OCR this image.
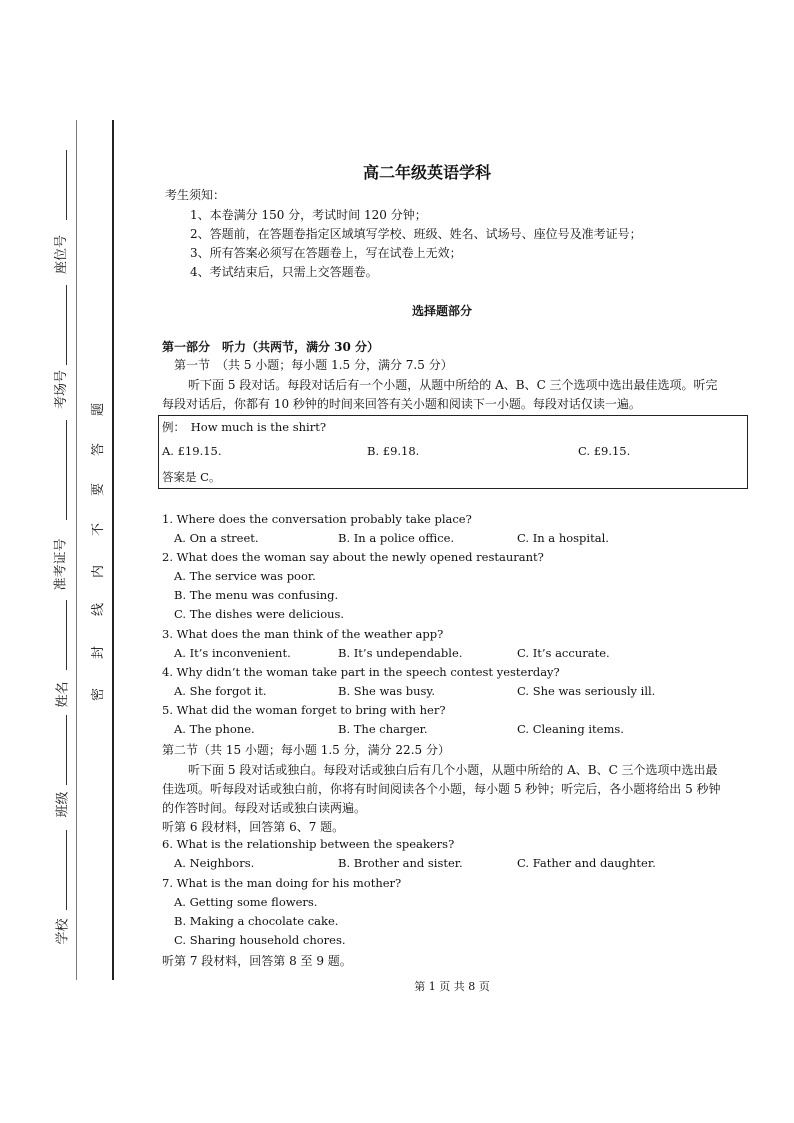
座位号
考场号
准考证号
姓名
班级
学校
题
答
要
不
内
线
封
密
高二年级英语学科
考生须知：
1、本卷满分 150 分，考试时间 120 分钟；
2、答题前，在答题卷指定区域填写学校、班级、姓名、试场号、座位号及准考证号；
3、所有答案必须写在答题卷上，写在试卷上无效；
4、考试结束后，只需上交答题卷。
选择题部分
第一部分　听力（共两节，满分 30 分）
第一节　（共 5 小题；每小题 1.5 分，满分 7.5 分）
听下面 5 段对话。每段对话后有一个小题，从题中所给的 A、B、C 三个选项中选出最佳选项。听完
每段对话后，你都有 10 秒钟的时间来回答有关小题和阅读下一小题。每段对话仅读一遍。
例：　How much is the shirt?
A. £19.15.	B. £9.18.	C. £9.15.
答案是 C。
1. Where does the conversation probably take place?
A. On a street.	B. In a police office.	C. In a hospital.
2. What does the woman say about the newly opened restaurant?
A. The service was poor.
B. The menu was confusing.
C. The dishes were delicious.
3. What does the man think of the weather app?
A. It’s inconvenient.	B. It’s undependable.	C. It’s accurate.
4. Why didn’t the woman take part in the speech contest yesterday?
A. She forgot it.	B. She was busy.	C. She was seriously ill.
5. What did the woman forget to bring with her?
A. The phone.	B. The charger.	C. Cleaning items.
第二节（共 15 小题；每小题 1.5 分，满分 22.5 分）
听下面 5 段对话或独白。每段对话或独白后有几个小题，从题中所给的 A、B、C 三个选项中选出最
佳选项。听每段对话或独白前，你将有时间阅读各个小题，每小题 5 秒钟；听完后，各小题将给出 5 秒钟
的作答时间。每段对话或独白读两遍。
听第 6 段材料，回答第 6、7 题。
6. What is the relationship between the speakers?
A. Neighbors.	B. Brother and sister.	C. Father and daughter.
7. What is the man doing for his mother?
A. Getting some flowers.
B. Making a chocolate cake.
C. Sharing household chores.
听第 7 段材料，回答第 8 至 9 题。
第 1 页 共 8 页
